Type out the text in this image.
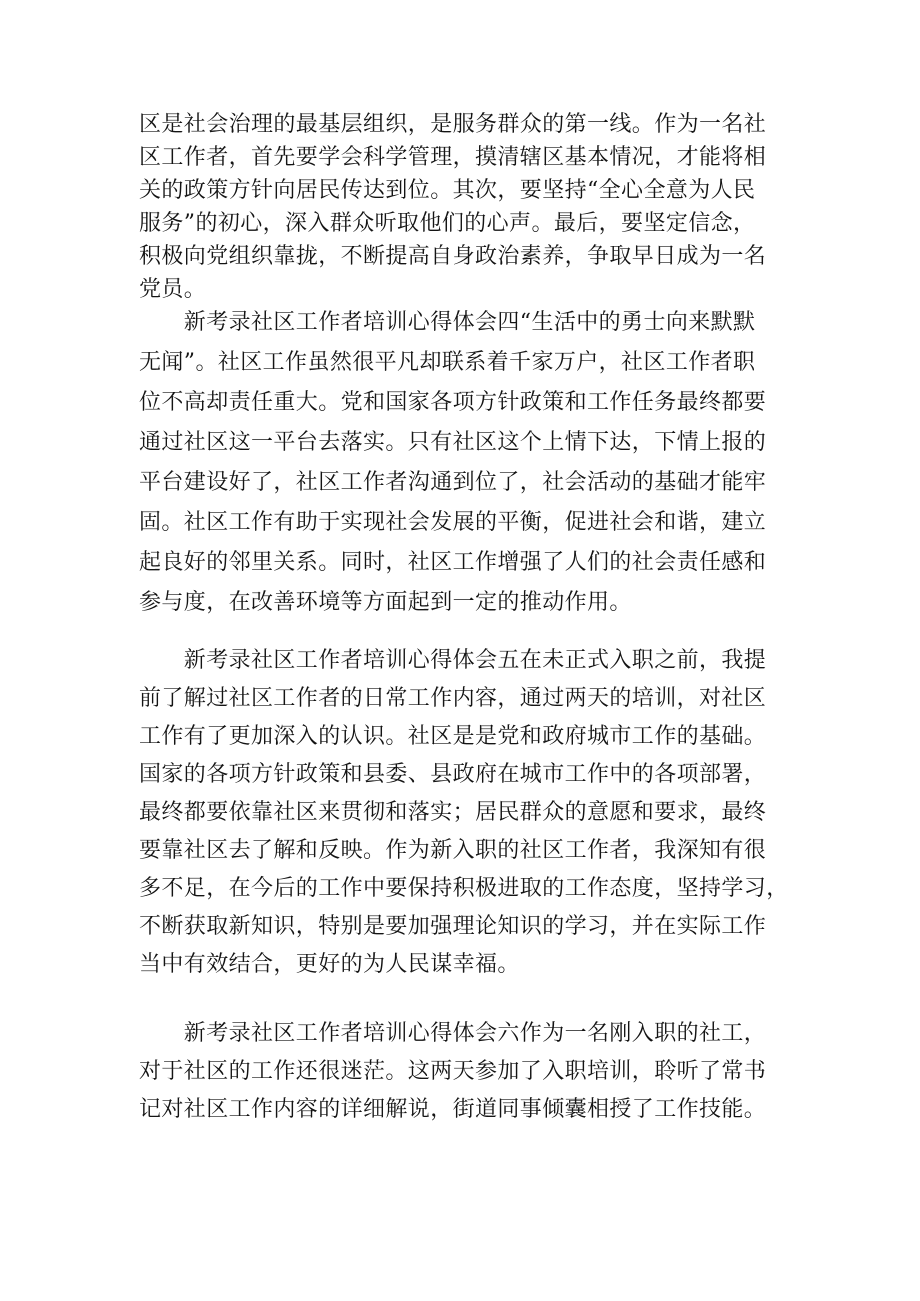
区是社会治理的最基层组织，是服务群众的第一线。作为一名社
区工作者，首先要学会科学管理，摸清辖区基本情况，才能将相
关的政策方针向居民传达到位。其次，要坚持“全心全意为人民
服务”的初心，深入群众听取他们的心声。最后，要坚定信念，
积极向党组织靠拢，不断提高自身政治素养，争取早日成为一名
党员。

　　新考录社区工作者培训心得体会四“生活中的勇士向来默默
无闻”。社区工作虽然很平凡却联系着千家万户，社区工作者职
位不高却责任重大。党和国家各项方针政策和工作任务最终都要
通过社区这一平台去落实。只有社区这个上情下达，下情上报的
平台建设好了，社区工作者沟通到位了，社会活动的基础才能牢
固。社区工作有助于实现社会发展的平衡，促进社会和谐，建立
起良好的邻里关系。同时，社区工作增强了人们的社会责任感和
参与度，在改善环境等方面起到一定的推动作用。

　　新考录社区工作者培训心得体会五在未正式入职之前，我提
前了解过社区工作者的日常工作内容，通过两天的培训，对社区
工作有了更加深入的认识。社区是是党和政府城市工作的基础。
国家的各项方针政策和县委、县政府在城市工作中的各项部署，
最终都要依靠社区来贯彻和落实；居民群众的意愿和要求，最终
要靠社区去了解和反映。作为新入职的社区工作者，我深知有很
多不足，在今后的工作中要保持积极进取的工作态度，坚持学习，
不断获取新知识，特别是要加强理论知识的学习，并在实际工作
当中有效结合，更好的为人民谋幸福。

　　新考录社区工作者培训心得体会六作为一名刚入职的社工，
对于社区的工作还很迷茫。这两天参加了入职培训，聆听了常书
记对社区工作内容的详细解说，街道同事倾囊相授了工作技能。
